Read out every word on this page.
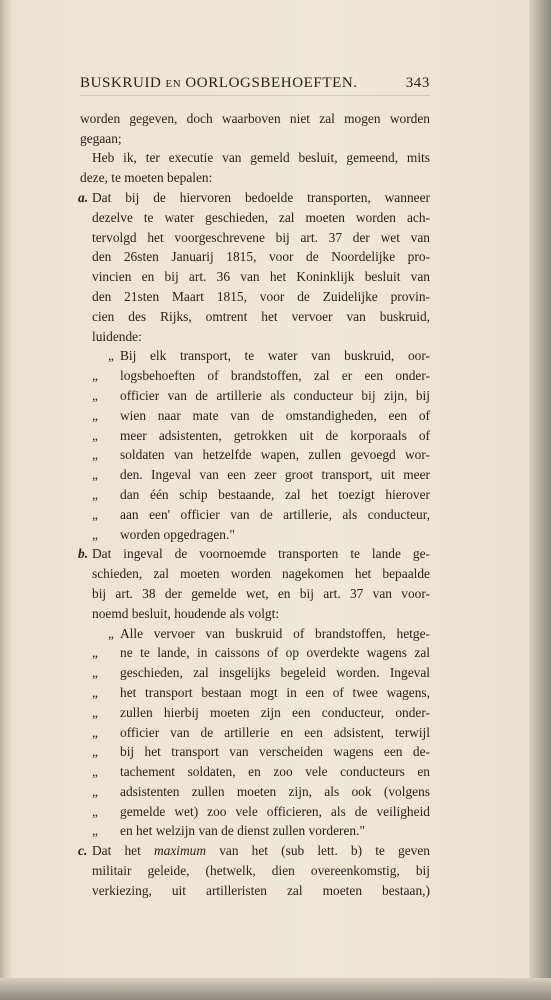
BUSKRUID EN OORLOGSBEHOEFTEN.	343
worden gegeven, doch waarboven niet zal mogen worden
gegaan;
Heb ik, ter executie van gemeld besluit, gemeend, mits
deze, te moeten bepalen:
a. Dat bij de hiervoren bedoelde transporten, wanneer
dezelve te water geschieden, zal moeten worden ach-
tervolgd het voorgeschrevene bij art. 37 der wet van
den 26sten Januarij 1815, voor de Noordelijke pro-
vincien en bij art. 36 van het Koninklijk besluit van
den 21sten Maart 1815, voor de Zuidelijke provin-
cien des Rijks, omtrent het vervoer van buskruid,
luidende:
„ Bij elk transport, te water van buskruid, oor-
„ logsbehoeften of brandstoffen, zal er een onder-
„ officier van de artillerie als conducteur bij zijn, bij
„ wien naar mate van de omstandigheden, een of
„ meer adsistenten, getrokken uit de korporaals of
„ soldaten van hetzelfde wapen, zullen gevoegd wor-
„ den. Ingeval van een zeer groot transport, uit meer
„ dan één schip bestaande, zal het toezigt hierover
„ aan een' officier van de artillerie, als conducteur,
„ worden opgedragen."
b. Dat ingeval de voornoemde transporten te lande ge-
schieden, zal moeten worden nagekomen het bepaalde
bij art. 38 der gemelde wet, en bij art. 37 van voor-
noemd besluit, houdende als volgt:
„ Alle vervoer van buskruid of brandstoffen, hetge-
„ ne te lande, in caissons of op overdekte wagens zal
„ geschieden, zal insgelijks begeleid worden. Ingeval
„ het transport bestaan mogt in een of twee wagens,
„ zullen hierbij moeten zijn een conducteur, onder-
„ officier van de artillerie en een adsistent, terwijl
„ bij het transport van verscheiden wagens een de-
„ tachement soldaten, en zoo vele conducteurs en
„ adsistenten zullen moeten zijn, als ook (volgens
„ gemelde wet) zoo vele officieren, als de veiligheid
„ en het welzijn van de dienst zullen vorderen."
c. Dat het maximum van het (sub lett. b) te geven
militair geleide, (hetwelk, dien overeenkomstig, bij
verkiezing, uit artilleristen zal moeten bestaan,)
